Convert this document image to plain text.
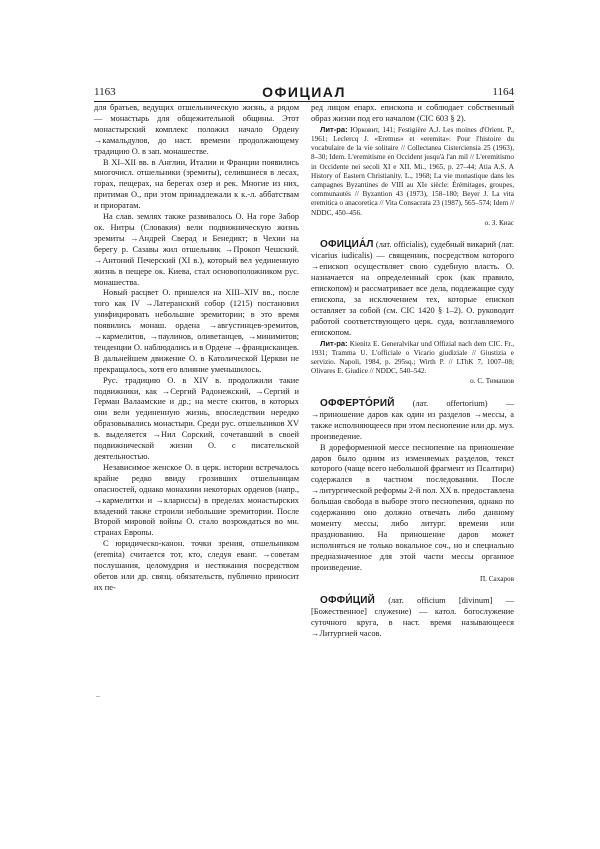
1163	ОФИЦИАЛ	1164

для братьев, ведущих отшельническую жизнь, а рядом — монастырь для общежительной общины. Этот монастырский комплекс положил начало Ордену →камальдулов, до наст. времени продолжающему традицию О. в зап. монашестве.

В XI–XII вв. в Англии, Италии и Франции появились многочисл. отшельники (эремиты), селившиеся в лесах, горах, пещерах, на берегах озер и рек. Многие из них, притимая О., при этом принадлежали к к.-л. аббатствам и приоратам.

На слав. землях также развивалось О. На горе Забор ок. Нитры (Словакия) вели подвижническую жизнь эремиты →Андрей Сверад и Бенедикт; в Чехии на берегу р. Сазавы жил отшельник →Прокоп Чешский. →Антоний Печерский (XI в.), который вел уединенную жизнь в пещере ок. Киева, стал основоположником рус. монашества.

Новый расцвет О. пришелся на XIII–XIV вв., после того как IV →Латеранский собор (1215) постановил унифицировать небольшие эремитории; в это время появились монаш. ордена →августинцев-эремитов, →кармелитов, →паулинов, оливетанцев, →минимитов; тенденции О. наблюдались и в Ордене →францисканцев. В дальнейшем движение О. в Католической Церкви не прекращалось, хотя его влияние уменьшилось.

Рус. традицию О. в XIV в. продолжили такие подвижники, как →Сергий Радонежский, →Сергий и Герман Валаамские и др.; на месте скитов, в которых они вели уединенную жизнь, впоследствии нередко образовывались монастыри. Среди рус. отшельников XV в. выделяется →Нил Сорский, сочетавший в своей подвижнической жизни О. с писательской деятельностью.

Независимое женское О. в церк. истории встречалось крайне редко ввиду грозивших отшельницам опасностей, однако монахини некоторых орденов (напр., →кармелитки и →клариссы) в пределах монастырских владений также строили небольшие эремитории. После Второй мировой войны О. стало возрождаться во мн. странах Европы.

С юридическо-канон. точки зрения, отшельником (eremita) считается тот, кто, следуя еванг. →советам послушания, целомудрия и нестяжания посредством обетов или др. связц. обязательств, публично приносит их пе-

ред лицом епарх. епископа и соблюдает собственный образ жизни под его началом (CIC 603 § 2).

Лит-ра: Юрковит, 141; Festigière A.J. Les moines d'Orient. P., 1961; Leclercq J. «Eremus» et «eremita»: Pour l'histoire du vocabulaire de la vie solitaire // Collectanea Cisterciensia 25 (1963), 8–30; Idem. L'eremitisme en Occident jusqu'à l'an mil // L'eremitismo in Occidente nei secoli XI e XII. Mi., 1965, p. 27–44; Atia A.S. A History of Eastern Christianity. L., 1968; La vie monastique dans les campagnes Byzantines de VIII au XIe siècle: Érémitages, groupes, communautés // Byzantion 43 (1973), 158–180; Beyer J. La vita eremitica o anacoretica // Vita Consacrata 23 (1987), 565–574; Idem // NDDC, 450–456.

о. З. Киас

ОФИЦИА́Л (лат. officialis), судебный викарий (лат. vicarius iudicalis) — священник, посредством которого →епископ осуществляет свою судебную власть. О. назначается на определенный срок (как правило, епископом) и рассматривает все дела, подлежащие суду епископа, за исключением тех, которые епископ оставляет за собой (см. CIC 1420 § 1–2). О. руководит работой соответствующего церк. суда, возглавляемого епископом.

Лит-ра: Kienitz E. Generalvikar und Offizial nach dem CIC. Fr., 1931; Tramma U. L'officiale o Vicario giudiziale // Giustizia e servizio. Napoli, 1984, p. 295sq.; Wirth P. // LThK 7, 1007–08; Olivares E. Giudice // NDDC, 540–542.

о. С. Тимашов

ОФФЕРТО́РИЙ (лат. offertorium) — →приношение даров как один из разделов →мессы, а также исполняющееся при этом песнопение или др. муз. произведение.

В дореформенной мессе песнопение на приношение даров было одним из изменяемых разделов, текст которого (чаще всего небольшой фрагмент из Псалтири) содержался в частном последовании. После →литургической реформы 2-й пол. XX в. предоставлена большая свобода в выборе этого песнопения, однако по содержанию оно должно отвечать либо данному моменту мессы, либо литург. времени или празднованию. На приношение даров может исполняться не только вокальное соч., но и специально предназначенное для этой части мессы органное произведение.

П. Сахаров

ОФФИ́ЦИЙ (лат. officium [divinum] — [Божественное] служение) — катол. богослужение суточного круга, в наст. время называющееся →Литургией часов.
